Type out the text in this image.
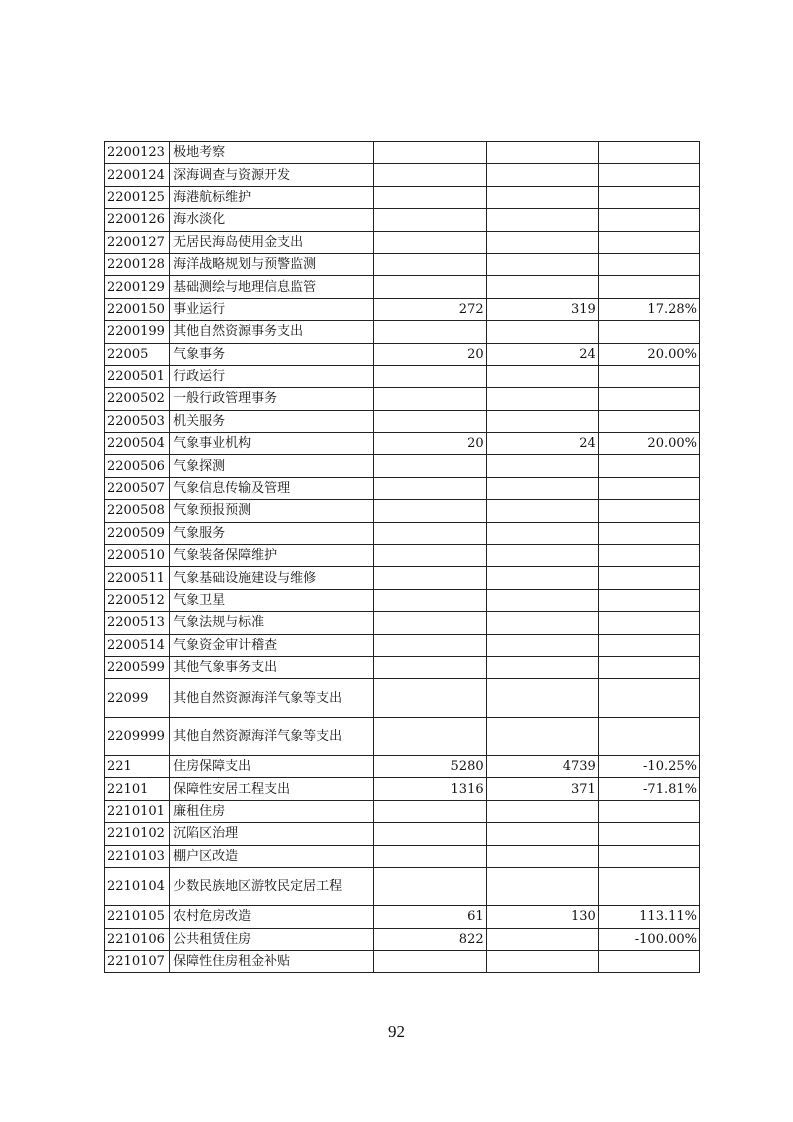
2200123	极地考察			
2200124	深海调查与资源开发			
2200125	海港航标维护			
2200126	海水淡化			
2200127	无居民海岛使用金支出			
2200128	海洋战略规划与预警监测			
2200129	基础测绘与地理信息监管			
2200150	事业运行	272	319	17.28%
2200199	其他自然资源事务支出			
22005	气象事务	20	24	20.00%
2200501	行政运行			
2200502	一般行政管理事务			
2200503	机关服务			
2200504	气象事业机构	20	24	20.00%
2200506	气象探测			
2200507	气象信息传输及管理			
2200508	气象预报预测			
2200509	气象服务			
2200510	气象装备保障维护			
2200511	气象基础设施建设与维修			
2200512	气象卫星			
2200513	气象法规与标准			
2200514	气象资金审计稽查			
2200599	其他气象事务支出			
22099	其他自然资源海洋气象等支出			
2209999	其他自然资源海洋气象等支出			
221	住房保障支出	5280	4739	-10.25%
22101	保障性安居工程支出	1316	371	-71.81%
2210101	廉租住房			
2210102	沉陷区治理			
2210103	棚户区改造			
2210104	少数民族地区游牧民定居工程			
2210105	农村危房改造	61	130	113.11%
2210106	公共租赁住房	822		-100.00%
2210107	保障性住房租金补贴			
92
